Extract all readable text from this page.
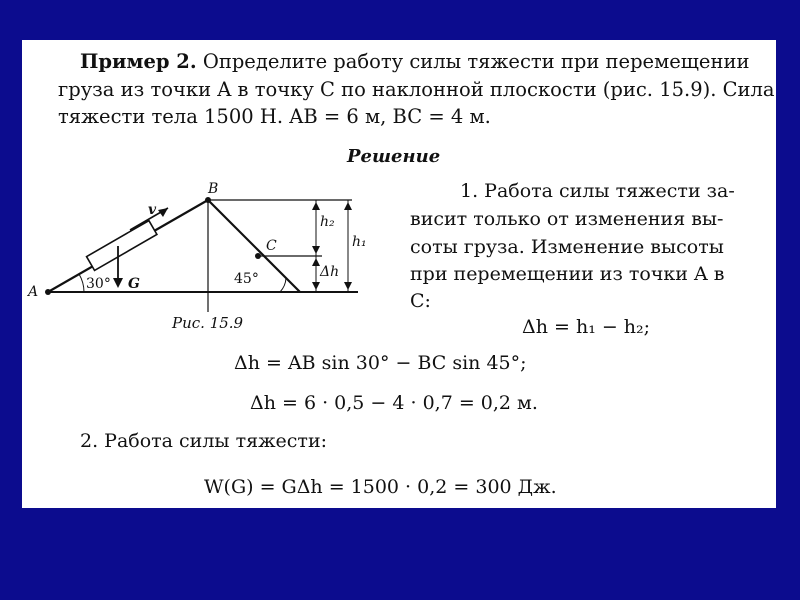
Пример 2. Определите работу силы тяжести при перемещении
груза из точки A в точку C по наклонной плоскости (рис. 15.9). Сила
тяжести тела 1500 Н. AB = 6 м, BC = 4 м.
Решение
1. Работа силы тяжести за-
висит только от изменения вы-
соты груза. Изменение высоты
при перемещении из точки A в
C:
Δh = h₁ − h₂;
A
B
C
v
G
30°	45°
h₂
Δh
h₁
Рис. 15.9
Δh = AB sin 30° − BC sin 45°;
Δh = 6 · 0,5 − 4 · 0,7 = 0,2 м.
2. Работа силы тяжести:
W(G) = GΔh = 1500 · 0,2 = 300 Дж.
